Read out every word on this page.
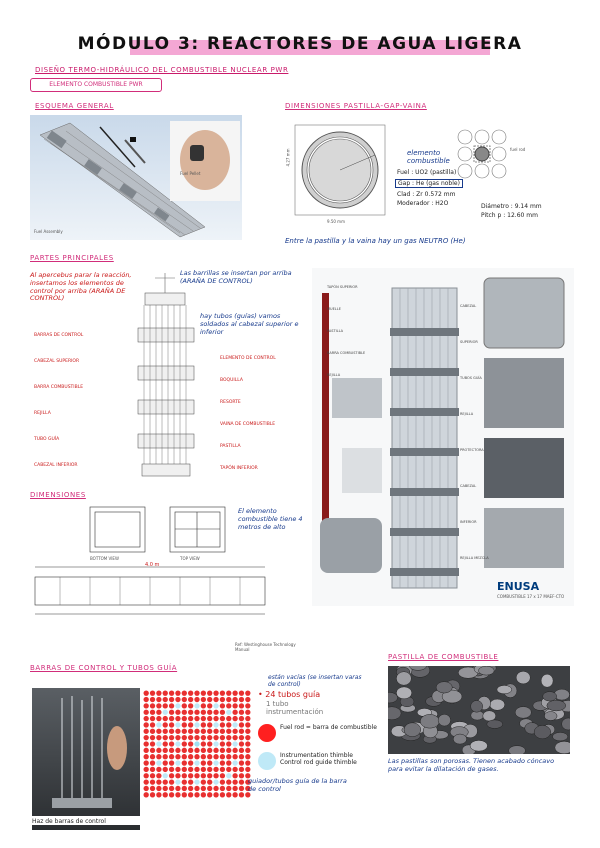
MÓDULO 3: REACTORES DE AGUA LIGERA
DISEÑO TERMO-HIDRÁULICO DEL COMBUSTIBLE NUCLEAR PWR
ELEMENTO COMBUSTIBLE PWR
ESQUEMA GENERAL	DIMENSIONES PASTILLA-GAP-VAINA
PARTES PRINCIPALES
DIMENSIONES
BARRAS DE CONTROL Y TUBOS GUÍA
PASTILLA DE COMBUSTIBLE
Fuel Pellet
Fuel Assembly
4.27 mm
9.50 mm
elemento combustible
Fuel : UO2 (pastilla)
Gap : He (gas noble)
Clad : Zr 0.572 mm
Moderador : H2O
fuel rod
Diámetro : 9.14 mm
Pitch p : 12.60 mm
Entre la pastilla y la vaina hay un gas NEUTRO (He)
Al apercebus parar la reacción, insertamos los elementos de control por arriba (ARAÑA DE CONTROL)
Las barrillas se insertan por arriba (ARAÑA DE CONTROL)
hay tubos (guías) vamos soldados al cabezal superior e inferior
BARRAS DE CONTROL
CABEZAL SUPERIOR
BARRA COMBUSTIBLE
REJILLA
TUBO GUÍA
CABEZAL INFERIOR
ELEMENTO DE CONTROL
BOQUILLA
RESORTE
VAINA DE COMBUSTIBLE
PASTILLA
TAPÓN INFERIOR
ENUSA
COMBUSTIBLE 17 x 17 MAEF-CTO
TAPÓN SUPERIOR
MUELLE
PASTILLA
BARRA COMBUSTIBLE
REJILLA
CABEZAL SUPERIOR
TUBOS GUÍA
REJILLA PROTECTORA
CABEZAL INFERIOR
REJILLA MEZCLA
BOTTOM VIEW	TOP VIEW
4.0 m
Ref: Westinghouse Technology Manual
El elemento combustible tiene 4 metros de alto
Haz de barras de control
están vacías (se insertan varas de control)
• 24 tubos guía
1 tubo instrumentación
Fuel rod = barra de combustible
Instrumentation thimble
Control rod guide thimble
guiador/tubos guía de la barra de control
Las pastillas son porosas. Tienen acabado cóncavo para evitar la dilatación de gases.
